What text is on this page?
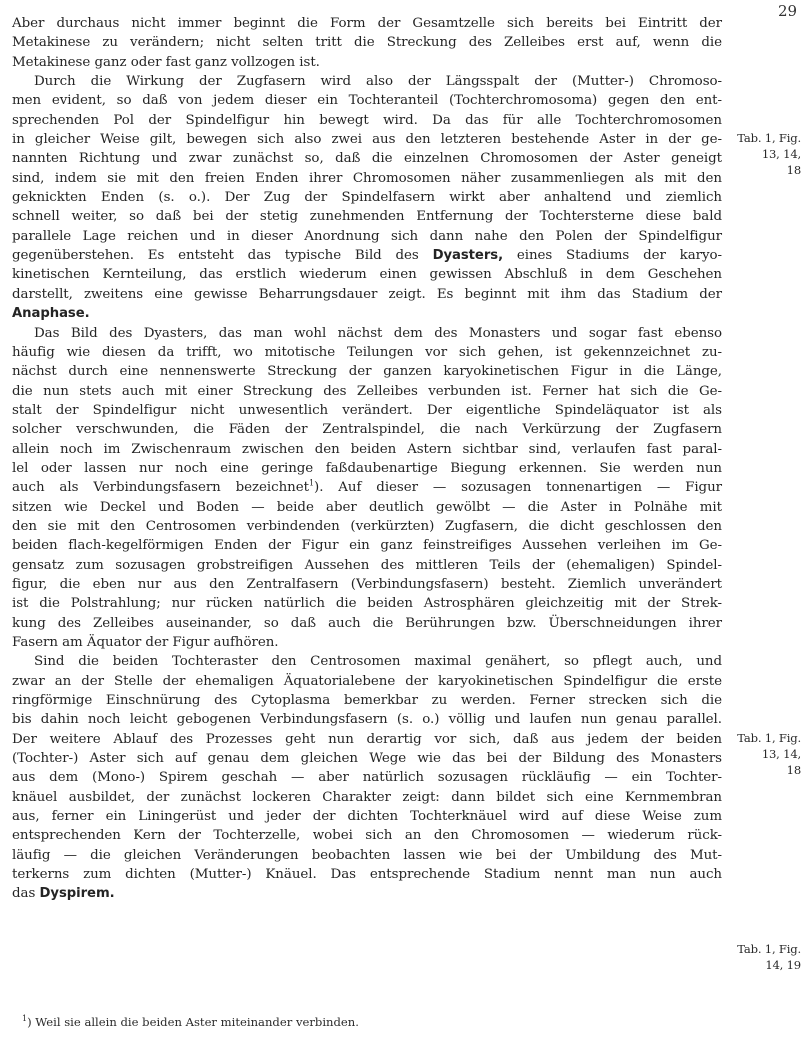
29
Aber durchaus nicht immer beginnt die Form der Gesamtzelle sich bereits bei Eintritt der
Metakinese zu verändern; nicht selten tritt die Streckung des Zelleibes erst auf, wenn die
Metakinese ganz oder fast ganz vollzogen ist.
Durch die Wirkung der Zugfasern wird also der Längsspalt der (Mutter-) Chromoso-
men evident, so daß von jedem dieser ein Tochteranteil (Tochterchromosoma) gegen den ent-
sprechenden Pol der Spindelfigur hin bewegt wird. Da das für alle Tochterchromosomen
in gleicher Weise gilt, bewegen sich also zwei aus den letzteren bestehende Aster in der ge-
nannten Richtung und zwar zunächst so, daß die einzelnen Chromosomen der Aster geneigt
sind, indem sie mit den freien Enden ihrer Chromosomen näher zusammenliegen als mit den
geknickten Enden (s. o.). Der Zug der Spindelfasern wirkt aber anhaltend und ziemlich
schnell weiter, so daß bei der stetig zunehmenden Entfernung der Tochtersterne diese bald
parallele Lage reichen und in dieser Anordnung sich dann nahe den Polen der Spindelfigur
gegenüberstehen. Es entsteht das typische Bild des Dyasters, eines Stadiums der karyo-
kinetischen Kernteilung, das erstlich wiederum einen gewissen Abschluß in dem Geschehen
darstellt, zweitens eine gewisse Beharrungsdauer zeigt. Es beginnt mit ihm das Stadium der
Anaphase.
Das Bild des Dyasters, das man wohl nächst dem des Monasters und sogar fast ebenso
häufig wie diesen da trifft, wo mitotische Teilungen vor sich gehen, ist gekennzeichnet zu-
nächst durch eine nennenswerte Streckung der ganzen karyokinetischen Figur in die Länge,
die nun stets auch mit einer Streckung des Zelleibes verbunden ist. Ferner hat sich die Ge-
stalt der Spindelfigur nicht unwesentlich verändert. Der eigentliche Spindeläquator ist als
solcher verschwunden, die Fäden der Zentralspindel, die nach Verkürzung der Zugfasern
allein noch im Zwischenraum zwischen den beiden Astern sichtbar sind, verlaufen fast paral-
lel oder lassen nur noch eine geringe faßdaubenartige Biegung erkennen. Sie werden nun
auch als Verbindungsfasern bezeichnet$^1$). Auf dieser — sozusagen tonnenartigen — Figur
sitzen wie Deckel und Boden — beide aber deutlich gewölbt — die Aster in Polnähe mit
den sie mit den Centrosomen verbindenden (verkürzten) Zugfasern, die dicht geschlossen den
beiden flach-kegelförmigen Enden der Figur ein ganz feinstreifiges Aussehen verleihen im Ge-
gensatz zum sozusagen grobstreifigen Aussehen des mittleren Teils der (ehemaligen) Spindel-
figur, die eben nur aus den Zentralfasern (Verbindungsfasern) besteht. Ziemlich unverändert
ist die Polstrahlung; nur rücken natürlich die beiden Astrosphären gleichzeitig mit der Strek-
kung des Zelleibes auseinander, so daß auch die Berührungen bzw. Überschneidungen ihrer
Fasern am Äquator der Figur aufhören.
Sind die beiden Tochteraster den Centrosomen maximal genähert, so pflegt auch, und
zwar an der Stelle der ehemaligen Äquatorialebene der karyokinetischen Spindelfigur die erste
ringförmige Einschnürung des Cytoplasma bemerkbar zu werden. Ferner strecken sich die
bis dahin noch leicht gebogenen Verbindungsfasern (s. o.) völlig und laufen nun genau parallel.
Der weitere Ablauf des Prozesses geht nun derartig vor sich, daß aus jedem der beiden
(Tochter-) Aster sich auf genau dem gleichen Wege wie das bei der Bildung des Monasters
aus dem (Mono-) Spirem geschah — aber natürlich sozusagen rückläufig — ein Tochter-
knäuel ausbildet, der zunächst lockeren Charakter zeigt: dann bildet sich eine Kernmembran
aus, ferner ein Liningerüst und jeder der dichten Tochterknäuel wird auf diese Weise zum
entsprechenden Kern der Tochterzelle, wobei sich an den Chromosomen — wiederum rück-
läufig — die gleichen Veränderungen beobachten lassen wie bei der Umbildung des Mut-
terkerns zum dichten (Mutter-) Knäuel. Das entsprechende Stadium nennt man nun auch
das Dyspirem.
Tab. 1, Fig. 13, 14,
18
Tab. 1, Fig. 13, 14,
18
Tab. 1, Fig. 14, 19
$^1$) Weil sie allein die beiden Aster miteinander verbinden.
